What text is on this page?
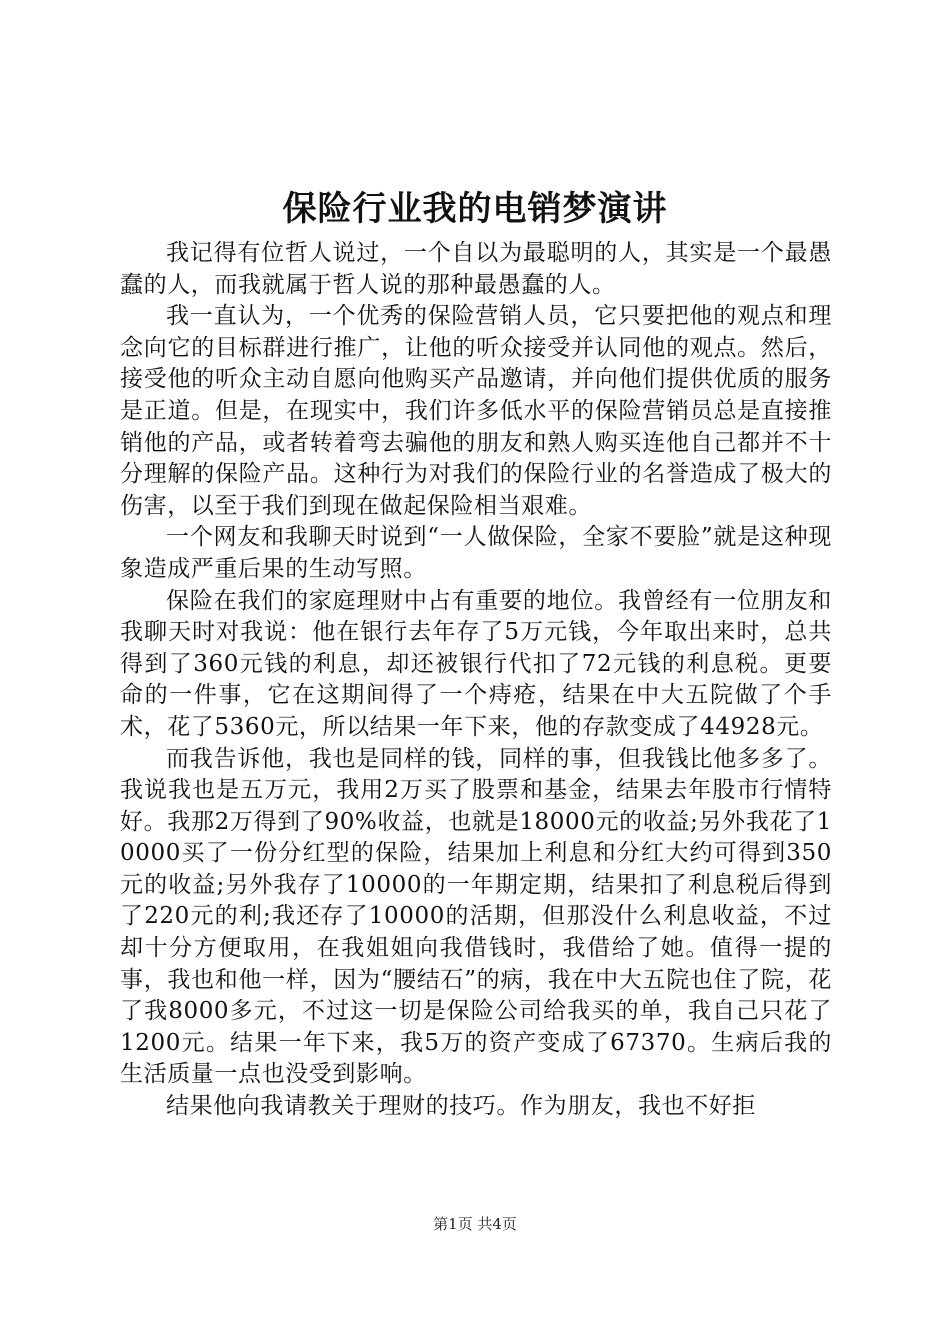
保险行业我的电销梦演讲

我记得有位哲人说过，一个自以为最聪明的人，其实是一个最愚蠢的人，而我就属于哲人说的那种最愚蠢的人。

我一直认为，一个优秀的保险营销人员，它只要把他的观点和理念向它的目标群进行推广，让他的听众接受并认同他的观点。然后，接受他的听众主动自愿向他购买产品邀请，并向他们提供优质的服务是正道。但是，在现实中，我们许多低水平的保险营销员总是直接推销他的产品，或者转着弯去骗他的朋友和熟人购买连他自己都并不十分理解的保险产品。这种行为对我们的保险行业的名誉造成了极大的伤害，以至于我们到现在做起保险相当艰难。

一个网友和我聊天时说到“一人做保险，全家不要脸”就是这种现象造成严重后果的生动写照。

保险在我们的家庭理财中占有重要的地位。我曾经有一位朋友和我聊天时对我说：他在银行去年存了5万元钱，今年取出来时，总共得到了360元钱的利息，却还被银行代扣了72元钱的利息税。更要命的一件事，它在这期间得了一个痔疮，结果在中大五院做了个手术，花了5360元，所以结果一年下来，他的存款变成了44928元。

而我告诉他，我也是同样的钱，同样的事，但我钱比他多多了。我说我也是五万元，我用2万买了股票和基金，结果去年股市行情特好。我那2万得到了90%收益，也就是18000元的收益;另外我花了10000买了一份分红型的保险，结果加上利息和分红大约可得到350元的收益;另外我存了10000的一年期定期，结果扣了利息税后得到了220元的利;我还存了10000的活期，但那没什么利息收益，不过却十分方便取用，在我姐姐向我借钱时，我借给了她。值得一提的事，我也和他一样，因为“腰结石”的病，我在中大五院也住了院，花了我8000多元，不过这一切是保险公司给我买的单，我自己只花了1200元。结果一年下来，我5万的资产变成了67370。生病后我的生活质量一点也没受到影响。

结果他向我请教关于理财的技巧。作为朋友，我也不好拒

第1页 共4页
